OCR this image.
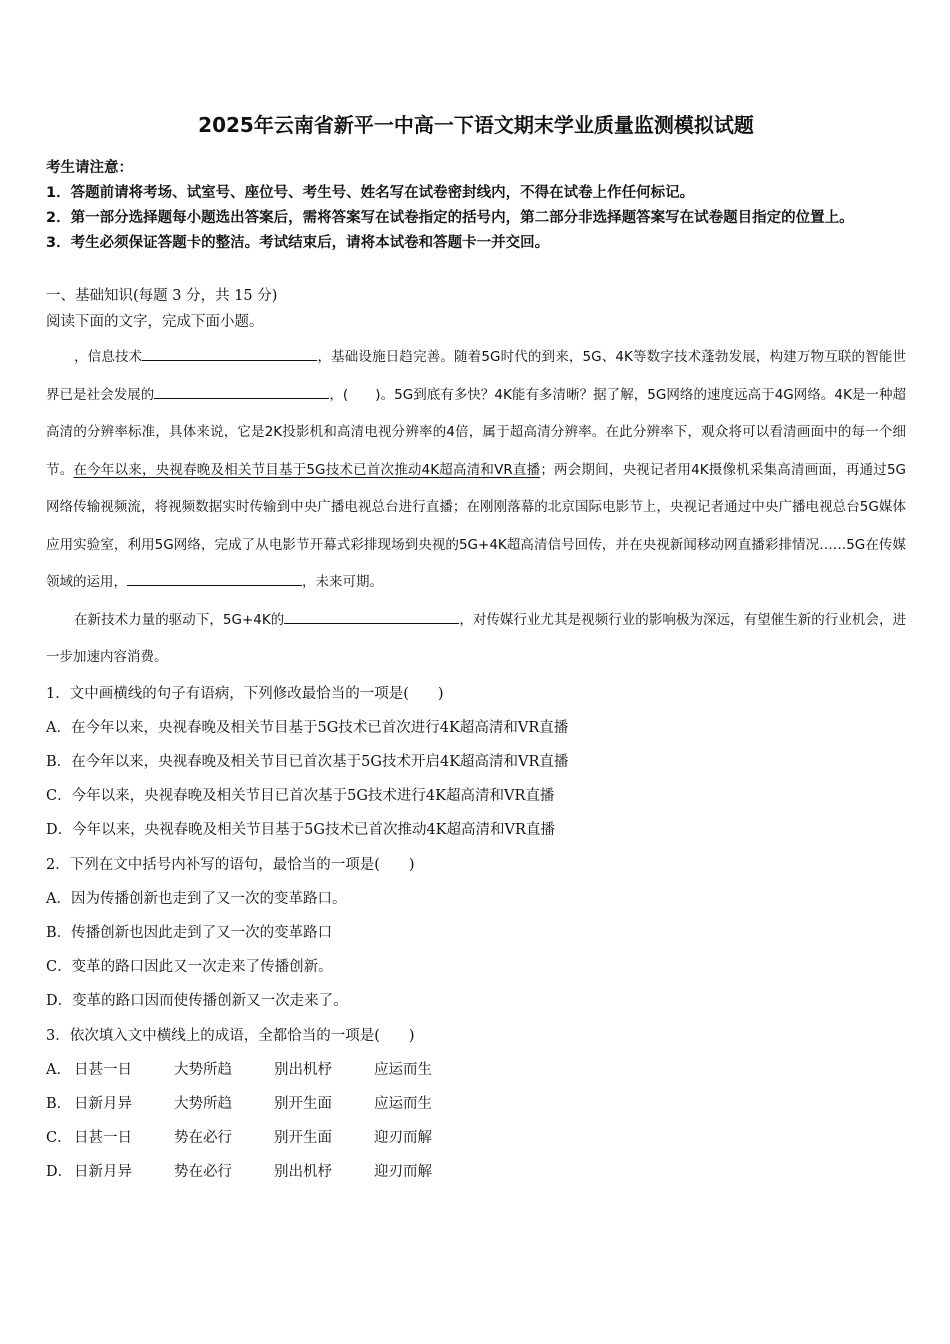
2025年云南省新平一中高一下语文期末学业质量监测模拟试题

考生请注意：

1．答题前请将考场、试室号、座位号、考生号、姓名写在试卷密封线内，不得在试卷上作任何标记。

2．第一部分选择题每小题选出答案后，需将答案写在试卷指定的括号内，第二部分非选择题答案写在试卷题目指定的位置上。

3．考生必须保证答题卡的整洁。考试结束后，请将本试卷和答题卡一并交回。

一、基础知识(每题 3 分，共 15 分)
阅读下面的文字，完成下面小题。

，信息技术	，基础设施日趋完善。随着5G时代的到来，5G、4K等数字技术蓬勃发展，构建万物互联的智能世界已是社会发展的	，(　　)。5G到底有多快？4K能有多清晰？据了解，5G网络的速度远高于4G网络。4K是一种超高清的分辨率标准，具体来说，它是2K投影机和高清电视分辨率的4倍，属于超高清分辨率。在此分辨率下，观众将可以看清画面中的每一个细节。在今年以来，央视春晚及相关节目基于5G技术已首次推动4K超高清和VR直播；两会期间，央视记者用4K摄像机采集高清画面，再通过5G网络传输视频流，将视频数据实时传输到中央广播电视总台进行直播；在刚刚落幕的北京国际电影节上，央视记者通过中央广播电视总台5G媒体应用实验室，利用5G网络，完成了从电影节开幕式彩排现场到央视的5G+4K超高清信号回传，并在央视新闻移动网直播彩排情况……5G在传媒领域的运用，	，未来可期。

在新技术力量的驱动下，5G+4K的	，对传媒行业尤其是视频行业的影响极为深远，有望催生新的行业机会，进一步加速内容消费。

1．文中画横线的句子有语病，下列修改最恰当的一项是(　　)

A．在今年以来，央视春晚及相关节目基于5G技术已首次进行4K超高清和VR直播

B．在今年以来，央视春晚及相关节目已首次基于5G技术开启4K超高清和VR直播

C．今年以来，央视春晚及相关节目已首次基于5G技术进行4K超高清和VR直播

D．今年以来，央视春晚及相关节目基于5G技术已首次推动4K超高清和VR直播

2．下列在文中括号内补写的语句，最恰当的一项是(　　)

A．因为传播创新也走到了又一次的变革路口。

B．传播创新也因此走到了又一次的变革路口

C．变革的路口因此又一次走来了传播创新。

D．变革的路口因而使传播创新又一次走来了。

3．依次填入文中横线上的成语，全都恰当的一项是(　　)

A． 日甚一日	大势所趋	别出机杼	应运而生

B． 日新月异	大势所趋	别开生面	应运而生

C． 日甚一日	势在必行	别开生面	迎刃而解

D． 日新月异	势在必行	别出机杼	迎刃而解
